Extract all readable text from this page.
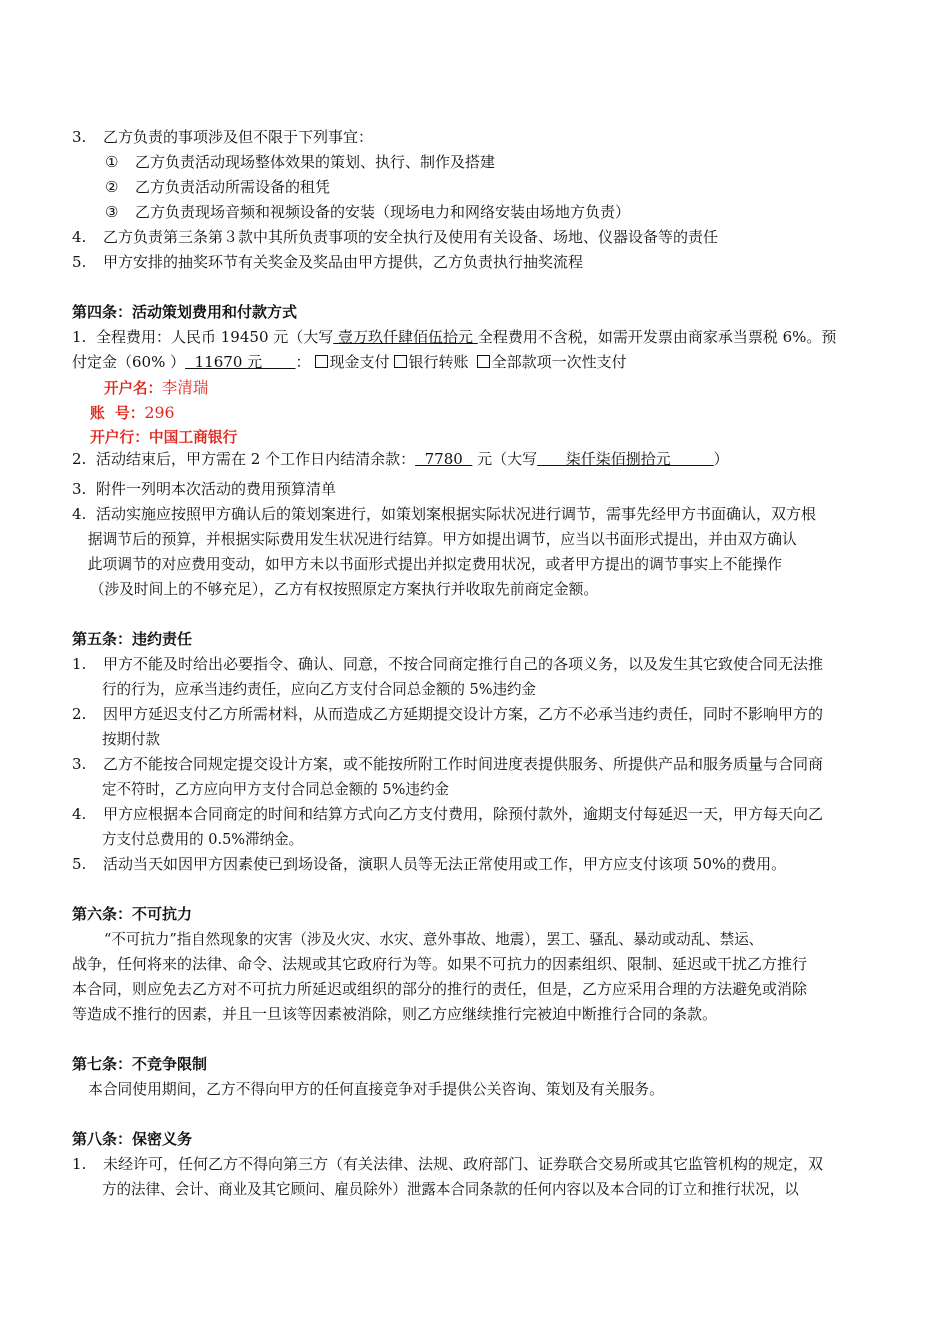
3. 乙方负责的事项涉及但不限于下列事宜：
① 乙方负责活动现场整体效果的策划、执行、制作及搭建
② 乙方负责活动所需设备的租凭
③ 乙方负责现场音频和视频设备的安装（现场电力和网络安装由场地方负责）
4. 乙方负责第三条第３款中其所负责事项的安全执行及使用有关设备、场地、仪器设备等的责任
5. 甲方安排的抽奖环节有关奖金及奖品由甲方提供，乙方负责执行抽奖流程
第四条：活动策划费用和付款方式
1. 全程费用：人民币 19450 元（大写 壹万玖仟肆佰伍拾元 全程费用不含税，如需开发票由商家承当票税 6%。预
付定金（60% ）  11670 元       ： 现金支付 银行转账 全部款项一次性支付
开户名：李清瑞
账  号：296
开户行：中国工商银行
2. 活动结束后，甲方需在 2 个工作日内结清余款：  7780   元（大写      柒仟柒佰捌拾元         ）
3. 附件一列明本次活动的费用预算清单
4. 活动实施应按照甲方确认后的策划案进行，如策划案根据实际状况进行调节，需事先经甲方书面确认，双方根
据调节后的预算，并根据实际费用发生状况进行结算。甲方如提出调节，应当以书面形式提出，并由双方确认
此项调节的对应费用变动，如甲方未以书面形式提出并拟定费用状况，或者甲方提出的调节事实上不能操作
（涉及时间上的不够充足），乙方有权按照原定方案执行并收取先前商定金额。
第五条：违约责任
1. 甲方不能及时给出必要指令、确认、同意，不按合同商定推行自己的各项义务，以及发生其它致使合同无法推
行的行为，应承当违约责任，应向乙方支付合同总金额的 5%违约金
2. 因甲方延迟支付乙方所需材料，从而造成乙方延期提交设计方案，乙方不必承当违约责任，同时不影响甲方的
按期付款
3. 乙方不能按合同规定提交设计方案，或不能按所附工作时间进度表提供服务、所提供产品和服务质量与合同商
定不符时，乙方应向甲方支付合同总金额的 5%违约金
4. 甲方应根据本合同商定的时间和结算方式向乙方支付费用，除预付款外，逾期支付每延迟一天，甲方每天向乙
方支付总费用的 0.5%滞纳金。
5. 活动当天如因甲方因素使已到场设备，演职人员等无法正常使用或工作，甲方应支付该项 50%的费用。
第六条：不可抗力
“不可抗力”指自然现象的灾害（涉及火灾、水灾、意外事故、地震），罢工、骚乱、暴动或动乱、禁运、
战争，任何将来的法律、命令、法规或其它政府行为等。如果不可抗力的因素组织、限制、延迟或干扰乙方推行
本合同，则应免去乙方对不可抗力所延迟或组织的部分的推行的责任，但是，乙方应采用合理的方法避免或消除
等造成不推行的因素，并且一旦该等因素被消除，则乙方应继续推行完被迫中断推行合同的条款。
第七条：不竞争限制
本合同使用期间，乙方不得向甲方的任何直接竞争对手提供公关咨询、策划及有关服务。
第八条：保密义务
1. 未经许可，任何乙方不得向第三方（有关法律、法规、政府部门、证券联合交易所或其它监管机构的规定，双
方的法律、会计、商业及其它顾问、雇员除外）泄露本合同条款的任何内容以及本合同的订立和推行状况，以
